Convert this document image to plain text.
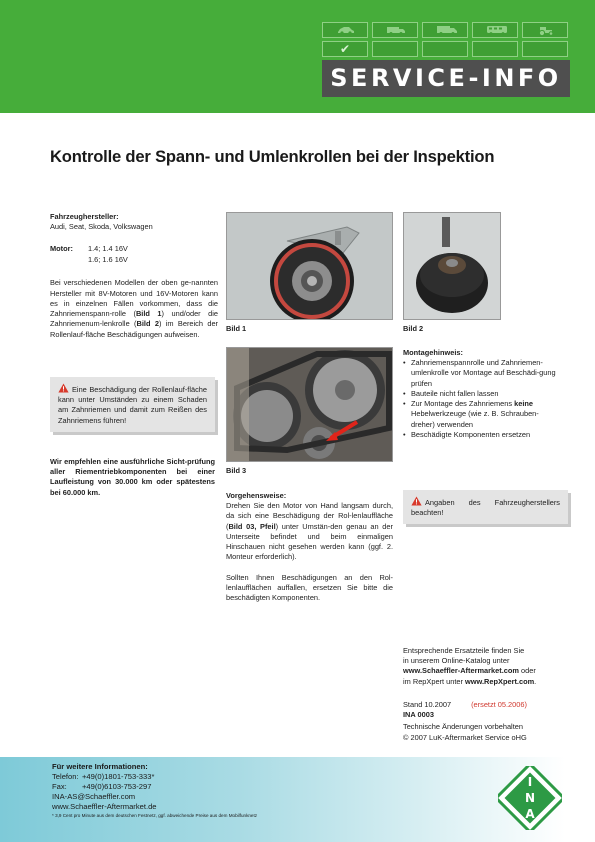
✔
SERVICE-INFO
Kontrolle der Spann- und Umlenkrollen bei der Inspektion
Fahrzeughersteller:
Audi, Seat, Skoda, Volkswagen
Motor: 1.4; 1.4 16V
1.6; 1.6 16V

Bei verschiedenen Modellen der oben ge-nannten Hersteller mit 8V-Motoren und 16V-Motoren kann es in einzelnen Fällen vorkommen, dass die Zahnriemenspann-rolle (Bild 1) und/oder die Zahnriemenum-lenkrolle (Bild 2) im Bereich der Rollenlauf-fläche Beschädigungen aufweisen.

Eine Beschädigung der Rollenlauf-fläche kann unter Umständen zu einem Schaden am Zahnriemen und damit zum Reißen des Zahnriemens führen!
Wir empfehlen eine ausführliche Sicht-prüfung aller Riementriebkomponenten bei einer Laufleistung von 30.000 km oder spätestens bei 60.000 km.
Bild 1	Bild 2
Bild 3
Vorgehensweise:

Drehen Sie den Motor von Hand langsam durch, da sich eine Beschädigung der Rol-lenlauffläche (Bild 03, Pfeil) unter Umstän-den genau an der Unterseite befindet und beim einmaligen Hinschauen nicht gesehen werden kann (ggf. 2. Monteur erforderlich).

Sollten Ihnen Beschädigungen an den Rol-lenlaufflächen auffallen, ersetzen Sie bitte die beschädigten Komponenten.

Montagehinweis:
• Zahnriemenspannrolle und Zahnriemen-umlenkrolle vor Montage auf Beschädi-gung prüfen
• Bauteile nicht fallen lassen
• Zur Montage des Zahnriemens keine Hebelwerkzeuge (wie z. B. Schrauben-dreher) verwenden
• Beschädigte Komponenten ersetzen
Angaben des Fahrzeugherstellers beachten!
Entsprechende Ersatzteile finden Sie
in unserem Online-Katalog unter
www.Schaeffler-Aftermarket.com oder
im RepXpert unter www.RepXpert.com.
Stand 10.2007	(ersetzt 05.2006)
INA 0003
Technische Änderungen vorbehalten
© 2007 LuK-Aftermarket Service oHG
Für weitere Informationen:
Telefon: +49(0)1801-753-333*
Fax: +49(0)6103-753-297
INA-AS@Schaeffler.com
www.Schaeffler-Aftermarket.de
* 3,9 Cent pro Minute aus dem deutschen Festnetz, ggf. abweichende Preise aus dem Mobilfunknetz
I
N
A
